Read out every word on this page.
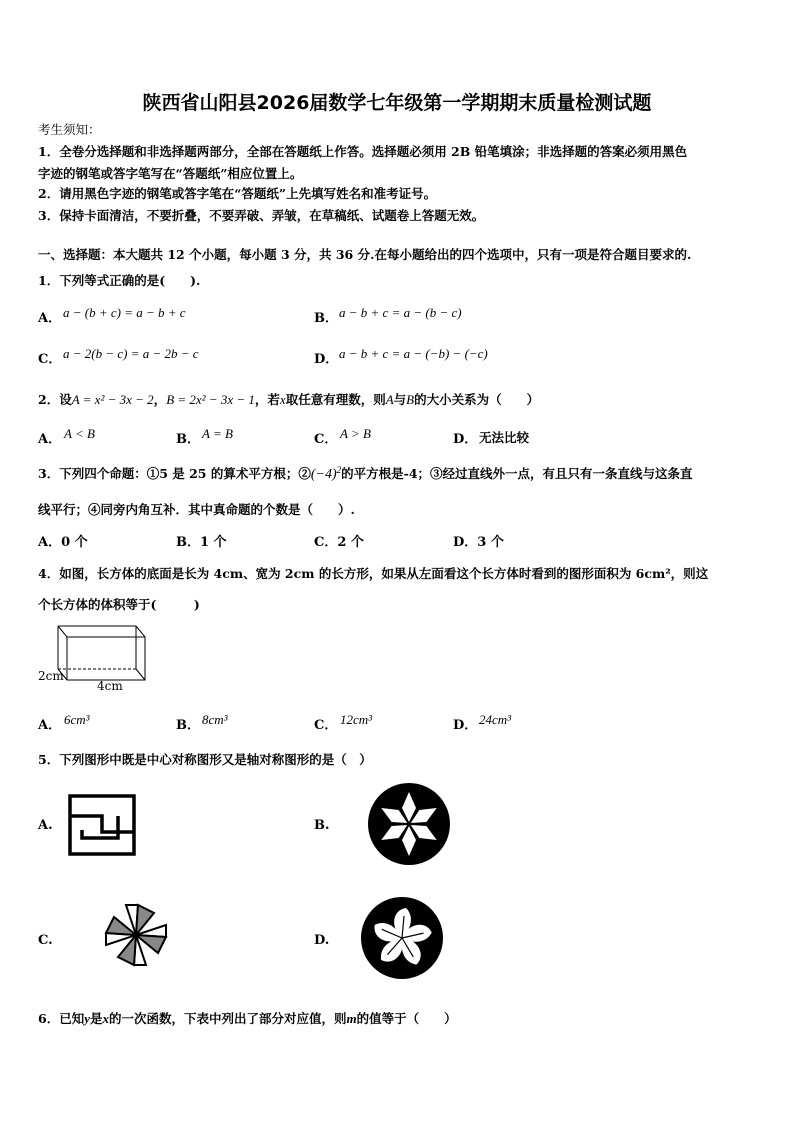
陕西省山阳县2026届数学七年级第一学期期末质量检测试题
考生须知：
1．全卷分选择题和非选择题两部分，全部在答题纸上作答。选择题必须用 2B 铅笔填涂；非选择题的答案必须用黑色
字迹的钢笔或答字笔写在“答题纸”相应位置上。
2．请用黑色字迹的钢笔或答字笔在“答题纸”上先填写姓名和准考证号。
3．保持卡面清洁，不要折叠，不要弄破、弄皱，在草稿纸、试题卷上答题无效。
一、选择题：本大题共 12 个小题，每小题 3 分，共 36 分.在每小题给出的四个选项中，只有一项是符合题目要求的.
1．下列等式正确的是(　　).
A． a − (b + c) = a − b + c	B． a − b + c = a − (b − c)
C． a − 2(b − c) = a − 2b − c	D． a − b + c = a − (−b) − (−c)
2．设A = x² − 3x − 2，B = 2x² − 3x − 1，若x取任意有理数，则A与B的大小关系为（　　）
A． A < B	B． A = B	C． A > B	D． 无法比较
3．下列四个命题：①5 是 25 的算术平方根；$②(-4)^2$的平方根是-4；③经过直线外一点，有且只有一条直线与这条直
线平行；④同旁内角互补．其中真命题的个数是（　　）.
A．0 个	B．1 个	C．2 个	D．3 个
4．如图，长方体的底面是长为 4cm、宽为 2cm 的长方形，如果从左面看这个长方体时看到的图形面积为 6cm²，则这
个长方体的体积等于(　　　)
2cm
4cm
A． 6cm³	B． 8cm³	C． 12cm³	D． 24cm³
5．下列图形中既是中心对称图形又是轴对称图形的是（　）
A.	B.
C.	D.
6．已知y是x的一次函数，下表中列出了部分对应值，则m的值等于（　　）
